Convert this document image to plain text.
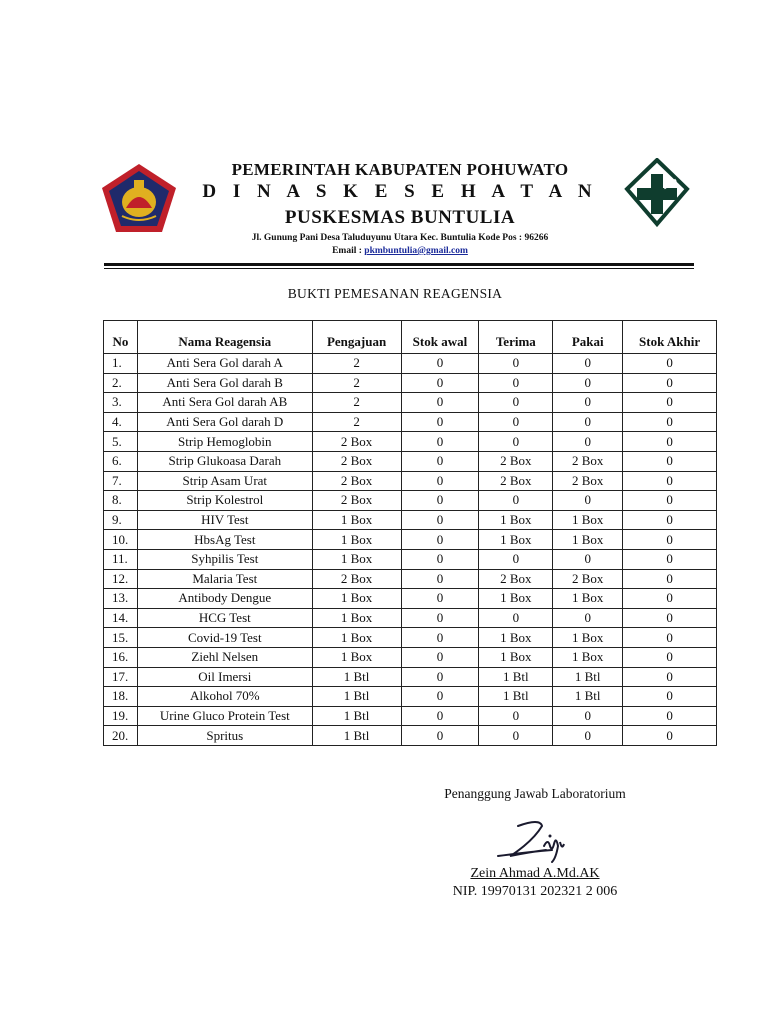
PEMERINTAH KABUPATEN POHUWATO
D I N A S K E S E H A T A N
PUSKESMAS BUNTULIA
Jl. Gunung Pani Desa Taluduyunu Utara Kec. Buntulia Kode Pos : 96266
Email : pkmbuntulia@gmail.com
BUKTI PEMESANAN REAGENSIA
No	Nama Reagensia	Pengajuan	Stok awal	Terima	Pakai	Stok Akhir
1.	Anti Sera Gol darah A	2	0	0	0	0
2.	Anti Sera Gol darah B	2	0	0	0	0
3.	Anti Sera Gol darah AB	2	0	0	0	0
4.	Anti Sera Gol darah D	2	0	0	0	0
5.	Strip Hemoglobin	2 Box	0	0	0	0
6.	Strip Glukoasa Darah	2 Box	0	2 Box	2 Box	0
7.	Strip Asam Urat	2 Box	0	2 Box	2 Box	0
8.	Strip Kolestrol	2 Box	0	0	0	0
9.	HIV Test	1 Box	0	1 Box	1 Box	0
10.	HbsAg Test	1 Box	0	1 Box	1 Box	0
11.	Syhpilis Test	1 Box	0	0	0	0
12.	Malaria Test	2 Box	0	2 Box	2 Box	0
13.	Antibody Dengue	1 Box	0	1 Box	1 Box	0
14.	HCG Test	1 Box	0	0	0	0
15.	Covid-19 Test	1 Box	0	1 Box	1 Box	0
16.	Ziehl Nelsen	1 Box	0	1 Box	1 Box	0
17.	Oil Imersi	1 Btl	0	1 Btl	1 Btl	0
18.	Alkohol 70%	1 Btl	0	1 Btl	1 Btl	0
19.	Urine Gluco Protein Test	1 Btl	0	0	0	0
20.	Spritus	1 Btl	0	0	0	0
Penanggung Jawab Laboratorium
Zein Ahmad A.Md.AK
NIP. 19970131 202321 2 006
